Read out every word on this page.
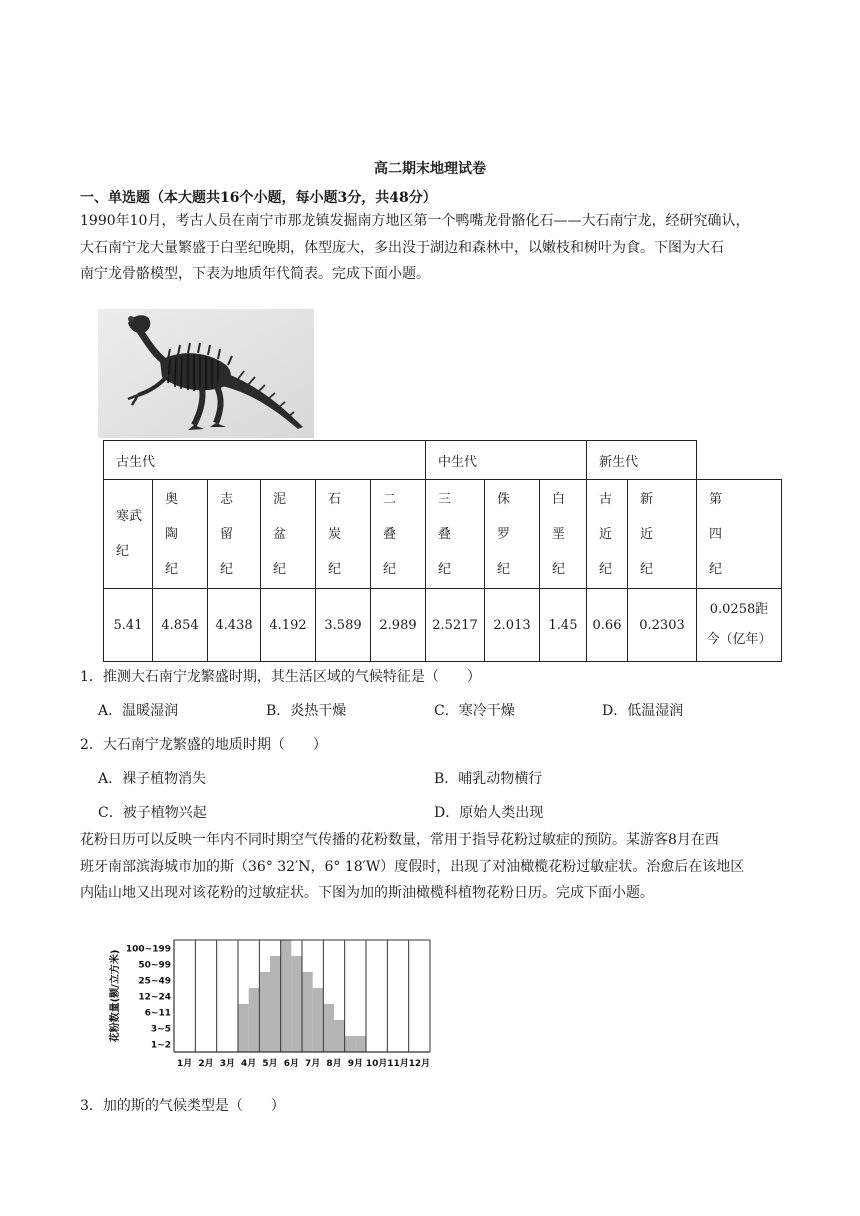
高二期末地理试卷
一、单选题（本大题共16个小题，每小题3分，共48分）
1990年10月，考古人员在南宁市那龙镇发掘南方地区第一个鸭嘴龙骨骼化石——大石南宁龙，经研究确认，
大石南宁龙大量繁盛于白垩纪晚期，体型庞大，多出没于湖边和森林中，以嫩枝和树叶为食。下图为大石
南宁龙骨骼模型，下表为地质年代简表。完成下面小题。
古生代						中生代			新生代		

寒武
纪	奥
陶
纪	志
留
纪	泥
盆
纪	石
炭
纪	二
叠
纪	三
叠
纪	侏
罗
纪	白
垩
纪	古
近
纪	新
近
纪	第
四
纪

5.41	4.854	4.438	4.192	3.589	2.989	2.5217	2.013	1.45	0.66	0.2303	0.0258距
今（亿年）
1．推测大石南宁龙繁盛时期，其生活区域的气候特征是（　　）
A．温暖湿润	B．炎热干燥	C．寒冷干燥	D．低温湿润
2．大石南宁龙繁盛的地质时期（　　）
A．裸子植物消失	B．哺乳动物横行
C．被子植物兴起	D．原始人类出现
花粉日历可以反映一年内不同时期空气传播的花粉数量，常用于指导花粉过敏症的预防。某游客8月在西
班牙南部滨海城市加的斯（36° 32′N，6° 18′W）度假时，出现了对油橄榄花粉过敏症状。治愈后在该地区
内陆山地又出现对该花粉的过敏症状。下图为加的斯油橄榄科植物花粉日历。完成下面小题。
1~2
3~5
6~11
12~24
25~49
50~99
100~199
1月 2月 3月 4月 5月 6月 7月 8月 9月 10月 11月 12月
花粉数量(颗/立方米)
3．加的斯的气候类型是（　　）
